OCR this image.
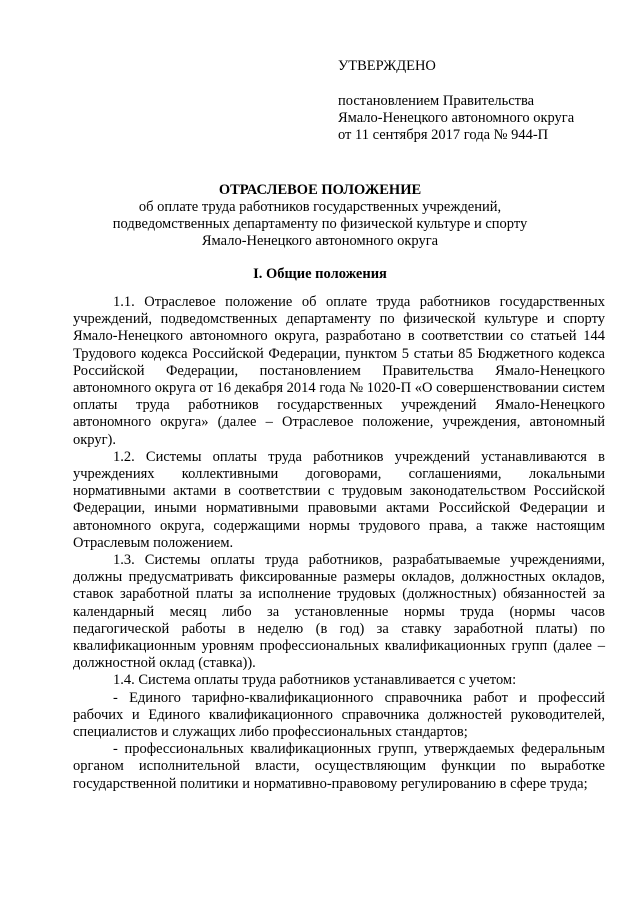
УТВЕРЖДЕНО
постановлением Правительства
Ямало-Ненецкого автономного округа
от 11 сентября 2017 года № 944-П
ОТРАСЛЕВОЕ ПОЛОЖЕНИЕ
об оплате труда работников государственных учреждений,
подведомственных департаменту по физической культуре и спорту
Ямало-Ненецкого автономного округа
I. Общие положения

1.1. Отраслевое положение об оплате труда работников государственных учреждений, подведомственных департаменту по физической культуре и спорту Ямало-Ненецкого автономного округа, разработано в соответствии со статьей 144 Трудового кодекса Российской Федерации, пунктом 5 статьи 85 Бюджетного кодекса Российской Федерации, постановлением Правительства Ямало-Ненецкого автономного округа от 16 декабря 2014 года № 1020-П «О совершенствовании систем оплаты труда работников государственных учреждений Ямало-Ненецкого автономного округа» (далее – Отраслевое положение, учреждения, автономный округ).

1.2. Системы оплаты труда работников учреждений устанавливаются в учреждениях коллективными договорами, соглашениями, локальными нормативными актами в соответствии с трудовым законодательством Российской Федерации, иными нормативными правовыми актами Российской Федерации и автономного округа, содержащими нормы трудового права, а также настоящим Отраслевым положением.

1.3. Системы оплаты труда работников, разрабатываемые учреждениями, должны предусматривать фиксированные размеры окладов, должностных окладов, ставок заработной платы за исполнение трудовых (должностных) обязанностей за календарный месяц либо за установленные нормы труда (нормы часов педагогической работы в неделю (в год) за ставку заработной платы) по квалификационным уровням профессиональных квалификационных групп (далее – должностной оклад (ставка)).

1.4. Система оплаты труда работников устанавливается с учетом:

- Единого тарифно-квалификационного справочника работ и профессий рабочих и Единого квалификационного справочника должностей руководителей, специалистов и служащих либо профессиональных стандартов;

- профессиональных квалификационных групп, утверждаемых федеральным органом исполнительной власти, осуществляющим функции по выработке государственной политики и нормативно-правовому регулированию в сфере труда;
